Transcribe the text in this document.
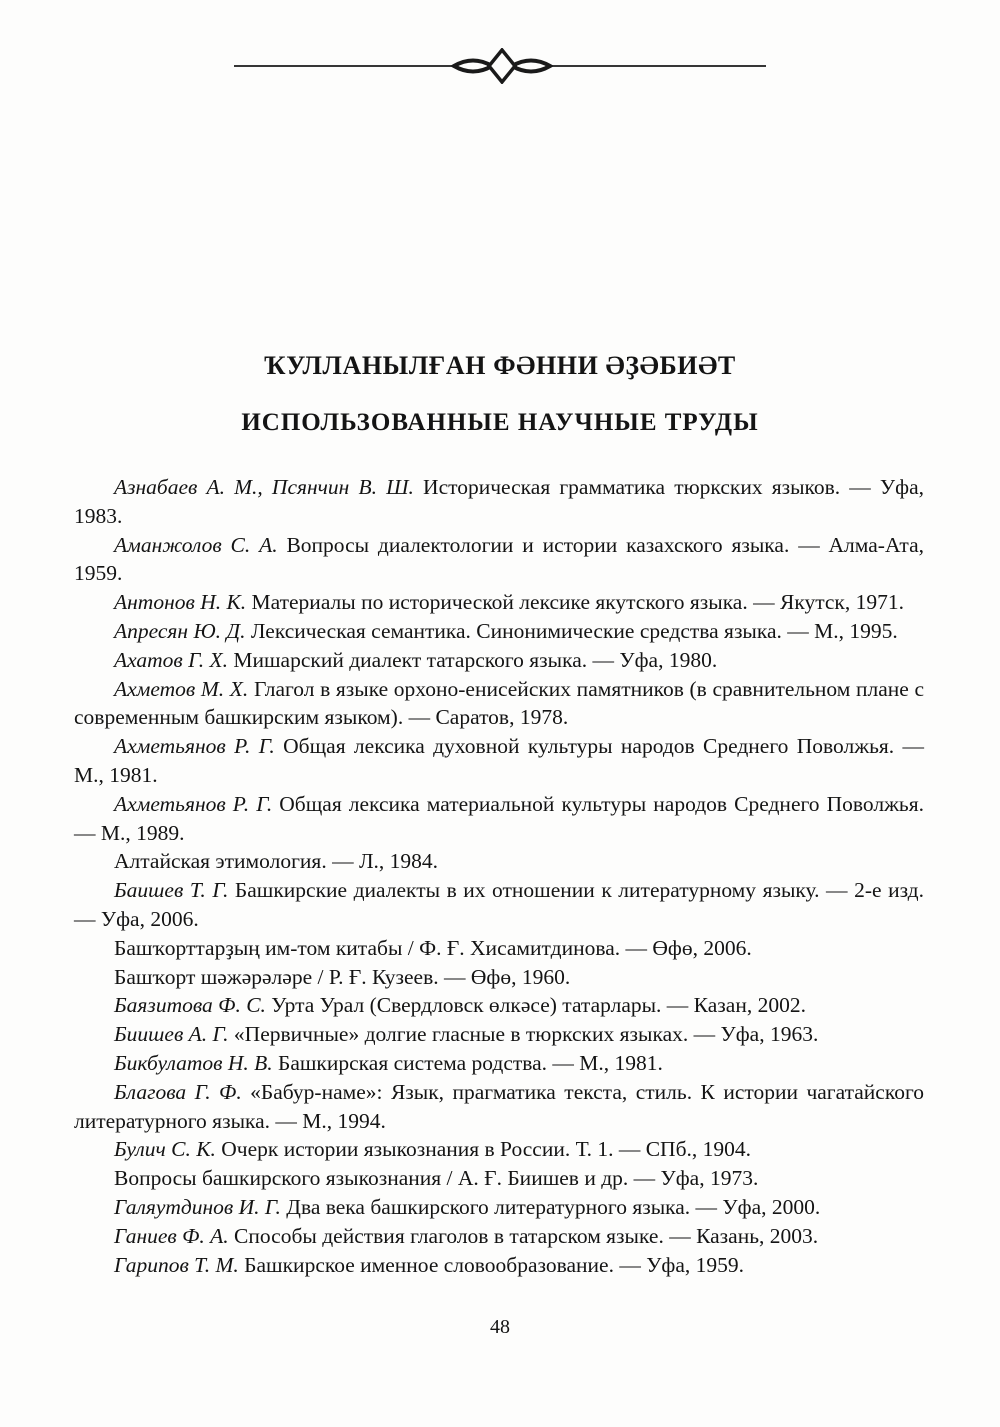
ҠУЛЛАНЫЛҒАН ФӘННИ ӘҘӘБИӘТ
ИСПОЛЬЗОВАННЫЕ НАУЧНЫЕ ТРУДЫ

Азнабаев А. М., Псянчин В. Ш. Историческая грамматика тюркских языков. — Уфа, 1983.

Аманжолов С. А. Вопросы диалектологии и истории казахского языка. — Алма-Ата, 1959.

Антонов Н. К. Материалы по исторической лексике якутского языка. — Якутск, 1971.

Апресян Ю. Д. Лексическая семантика. Синонимические средства языка. — М., 1995.

Ахатов Г. Х. Мишарский диалект татарского языка. — Уфа, 1980.

Ахметов М. Х. Глагол в языке орхоно-енисейских памятников (в сравнительном плане с современным башкирским языком). — Саратов, 1978.

Ахметьянов Р. Г. Общая лексика духовной культуры народов Среднего Поволжья. — М., 1981.

Ахметьянов Р. Г. Общая лексика материальной культуры народов Среднего Поволжья. — М., 1989.

Алтайская этимология. — Л., 1984.

Баишев Т. Г. Башкирские диалекты в их отношении к литературному языку. — 2-е изд. — Уфа, 2006.

Башҡорттарҙың им-том китабы / Ф. Ғ. Хисамитдинова. — Өфө, 2006.

Башҡорт шәжәрәләре / Р. Ғ. Кузеев. — Өфө, 1960.

Баязитова Ф. С. Урта Урал (Свердловск өлкәсе) татарлары. — Казан, 2002.

Биишев А. Г. «Первичные» долгие гласные в тюркских языках. — Уфа, 1963.

Бикбулатов Н. В. Башкирская система родства. — М., 1981.

Благова Г. Ф. «Бабур-наме»: Язык, прагматика текста, стиль. К истории чагатайского литературного языка. — М., 1994.

Булич С. К. Очерк истории языкознания в России. Т. 1. — СПб., 1904.

Вопросы башкирского языкознания / А. Ғ. Биишев и др. — Уфа, 1973.

Галяутдинов И. Г. Два века башкирского литературного языка. — Уфа, 2000.

Ганиев Ф. А. Способы действия глаголов в татарском языке. — Казань, 2003.

Гарипов Т. М. Башкирское именное словообразование. — Уфа, 1959.

48
